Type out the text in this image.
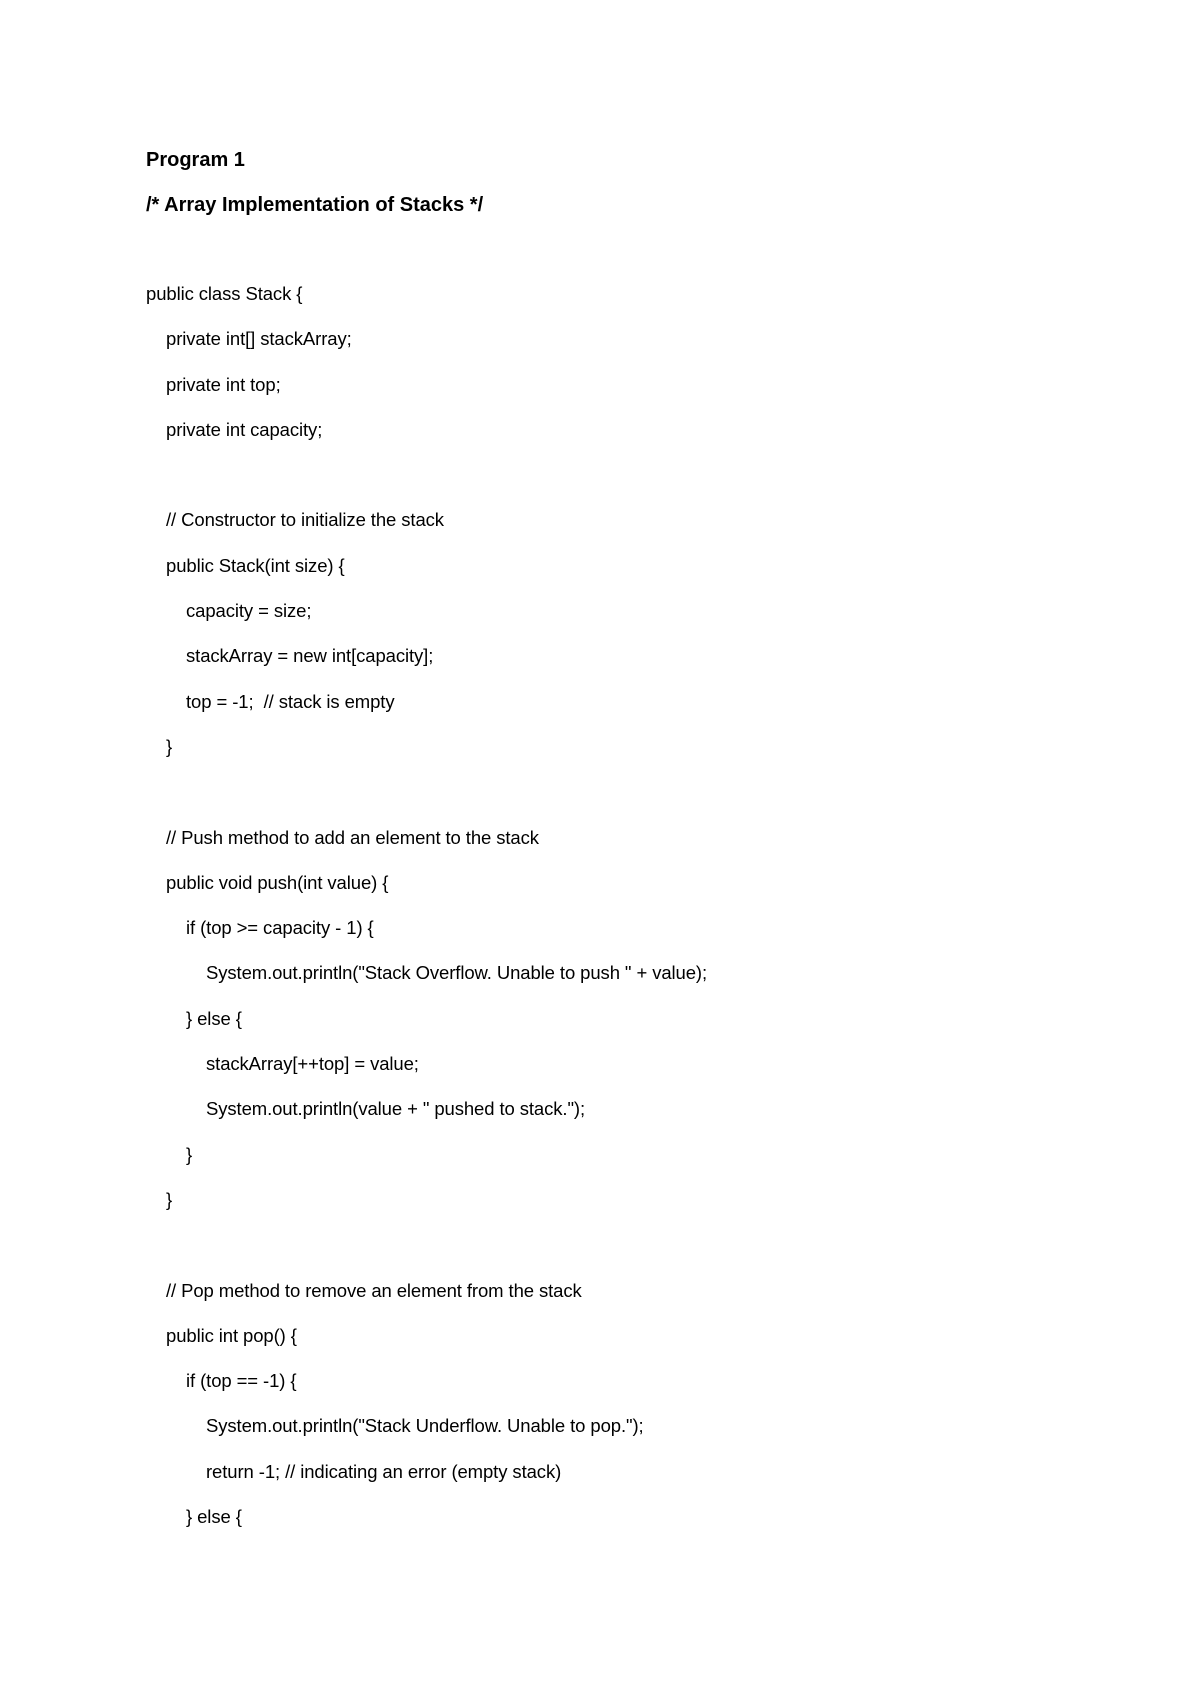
Program 1
/* Array Implementation of Stacks */
public class Stack {
private int[] stackArray;
private int top;
private int capacity;
// Constructor to initialize the stack
public Stack(int size) {
capacity = size;
stackArray = new int[capacity];
top = -1;  // stack is empty
}
// Push method to add an element to the stack
public void push(int value) {
if (top >= capacity - 1) {
System.out.println("Stack Overflow. Unable to push " + value);
} else {
stackArray[++top] = value;
System.out.println(value + " pushed to stack.");
}
}
// Pop method to remove an element from the stack
public int pop() {
if (top == -1) {
System.out.println("Stack Underflow. Unable to pop.");
return -1; // indicating an error (empty stack)
} else {
